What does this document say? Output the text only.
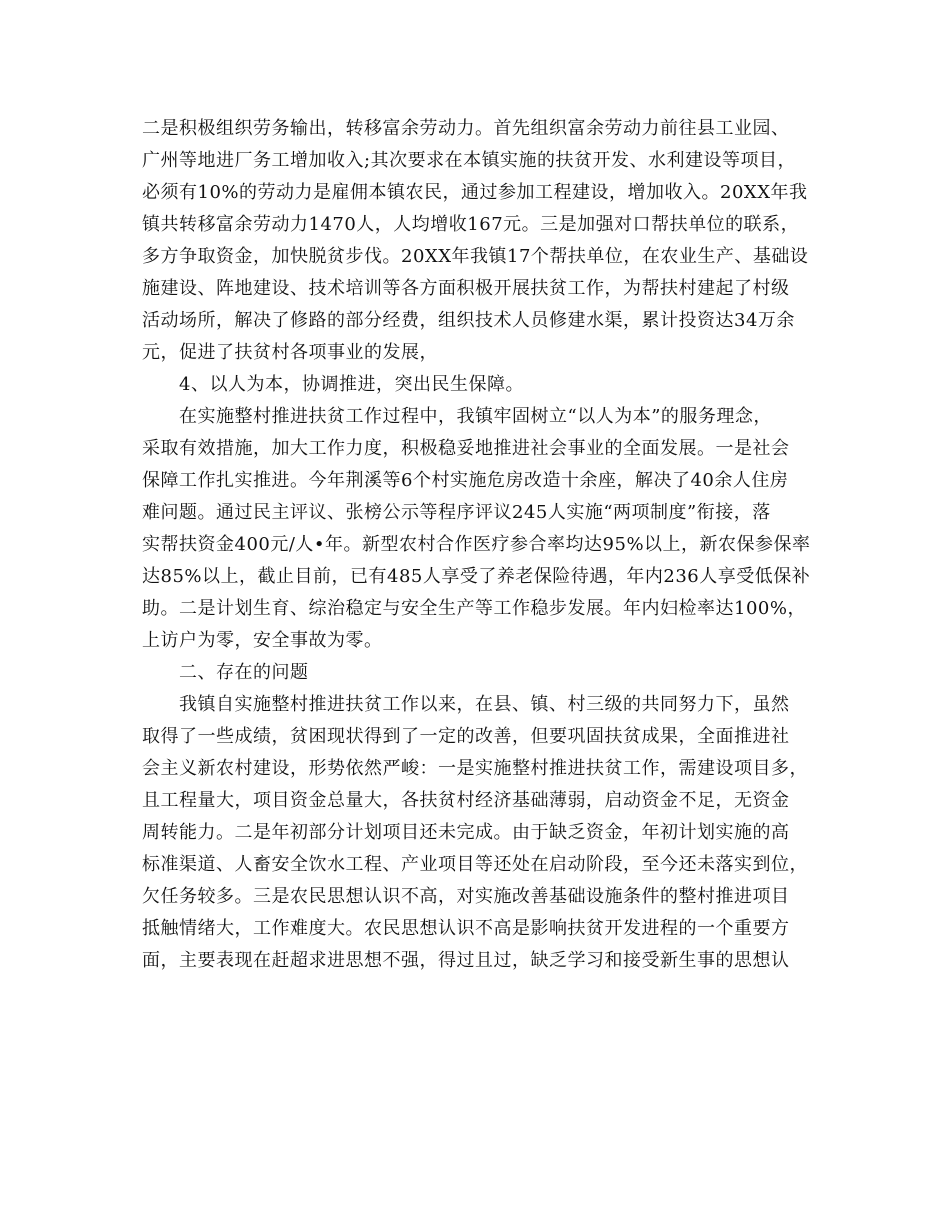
二是积极组织劳务输出，转移富余劳动力。首先组织富余劳动力前往县工业园、
广州等地进厂务工增加收入;其次要求在本镇实施的扶贫开发、水利建设等项目，
必须有10%的劳动力是雇佣本镇农民，通过参加工程建设，增加收入。20XX年我
镇共转移富余劳动力1470人，人均增收167元。三是加强对口帮扶单位的联系，
多方争取资金，加快脱贫步伐。20XX年我镇17个帮扶单位，在农业生产、基础设
施建设、阵地建设、技术培训等各方面积极开展扶贫工作，为帮扶村建起了村级
活动场所，解决了修路的部分经费，组织技术人员修建水渠，累计投资达34万余
元，促进了扶贫村各项事业的发展，
4、以人为本，协调推进，突出民生保障。
在实施整村推进扶贫工作过程中，我镇牢固树立“以人为本”的服务理念，
采取有效措施，加大工作力度，积极稳妥地推进社会事业的全面发展。一是社会
保障工作扎实推进。今年荆溪等6个村实施危房改造十余座，解决了40余人住房
难问题。通过民主评议、张榜公示等程序评议245人实施“两项制度”衔接，落
实帮扶资金400元/人•年。新型农村合作医疗参合率均达95%以上，新农保参保率
达85%以上，截止目前，已有485人享受了养老保险待遇，年内236人享受低保补
助。二是计划生育、综治稳定与安全生产等工作稳步发展。年内妇检率达100%，
上访户为零，安全事故为零。
二、存在的问题
我镇自实施整村推进扶贫工作以来，在县、镇、村三级的共同努力下，虽然
取得了一些成绩，贫困现状得到了一定的改善，但要巩固扶贫成果，全面推进社
会主义新农村建设，形势依然严峻：一是实施整村推进扶贫工作，需建设项目多，
且工程量大，项目资金总量大，各扶贫村经济基础薄弱，启动资金不足，无资金
周转能力。二是年初部分计划项目还未完成。由于缺乏资金，年初计划实施的高
标准渠道、人畜安全饮水工程、产业项目等还处在启动阶段，至今还未落实到位，
欠任务较多。三是农民思想认识不高，对实施改善基础设施条件的整村推进项目
抵触情绪大，工作难度大。农民思想认识不高是影响扶贫开发进程的一个重要方
面，主要表现在赶超求进思想不强，得过且过，缺乏学习和接受新生事的思想认
